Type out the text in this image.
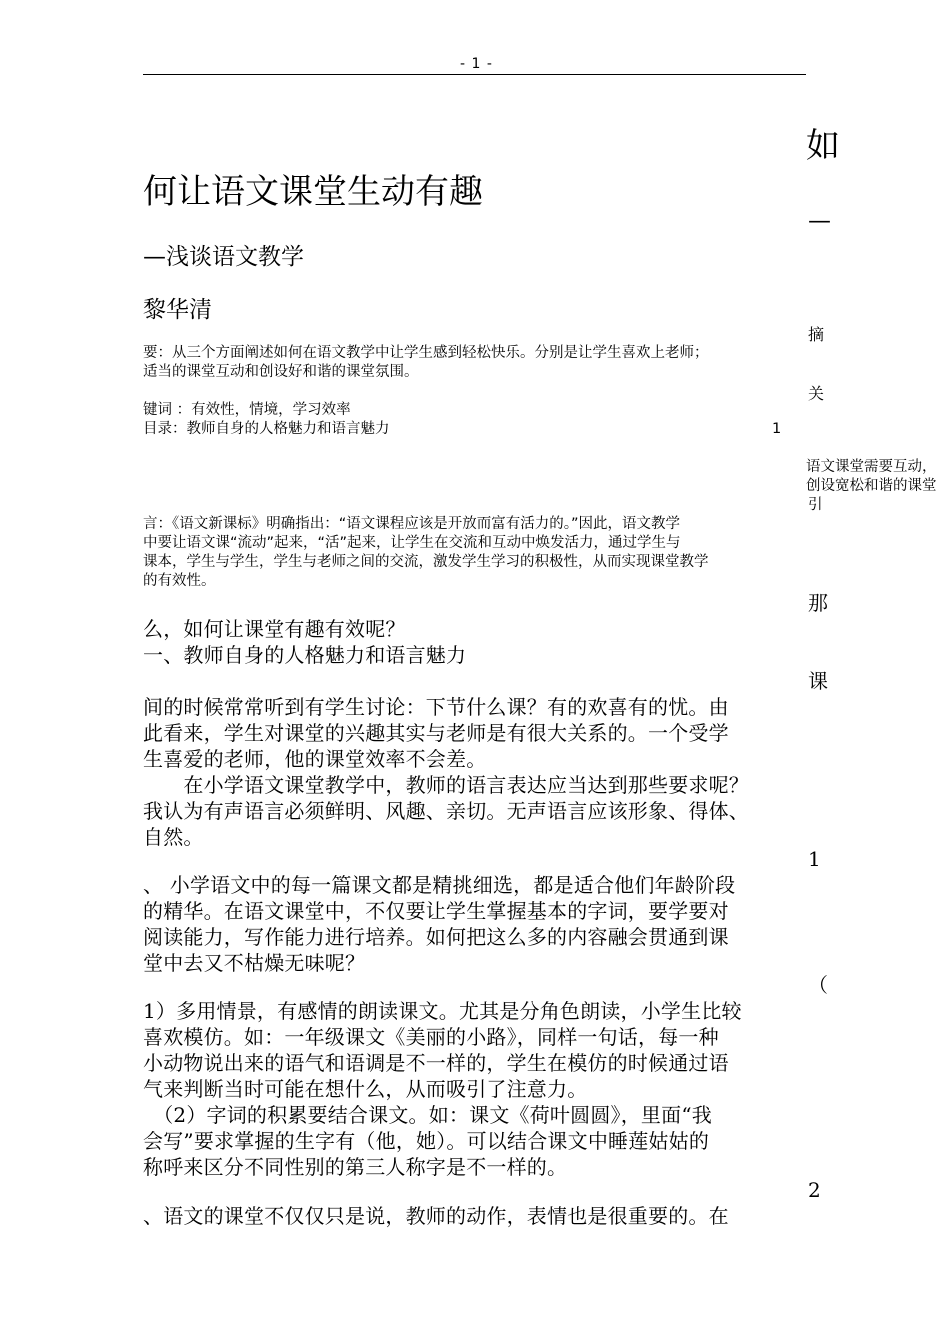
- 1 -
如
何让语文课堂生动有趣
—
—浅谈语文教学
黎华清
摘
要：从三个方面阐述如何在语文教学中让学生感到轻松快乐。分别是让学生喜欢上老师；
适当的课堂互动和创设好和谐的课堂氛围。
关
键词 ：有效性，情境，学习效率
目录：教师自身的人格魅力和语言魅力	1
语文课堂需要互动，
创设宽松和谐的课堂
引
言：《语文新课标》明确指出：“语文课程应该是开放而富有活力的。”因此，语文教学
中要让语文课“流动”起来，“活”起来，让学生在交流和互动中焕发活力，通过学生与
课本，学生与学生，学生与老师之间的交流，激发学生学习的积极性，从而实现课堂教学
的有效性。
那
么，如何让课堂有趣有效呢？
一、教师自身的人格魅力和语言魅力
课
间的时候常常听到有学生讨论：下节什么课？有的欢喜有的忧。由
此看来，学生对课堂的兴趣其实与老师是有很大关系的。一个受学
生喜爱的老师，他的课堂效率不会差。
　　在小学语文课堂教学中，教师的语言表达应当达到那些要求呢？
我认为有声语言必须鲜明、风趣、亲切。无声语言应该形象、得体、
自然。
1
、 小学语文中的每一篇课文都是精挑细选，都是适合他们年龄阶段
的精华。在语文课堂中，不仅要让学生掌握基本的字词，要学要对
阅读能力，写作能力进行培养。如何把这么多的内容融会贯通到课
堂中去又不枯燥无味呢？
（
1）多用情景，有感情的朗读课文。尤其是分角色朗读，小学生比较
喜欢模仿。如：一年级课文《美丽的小路》，同样一句话，每一种
小动物说出来的语气和语调是不一样的，学生在模仿的时候通过语
气来判断当时可能在想什么，从而吸引了注意力。
　（2）字词的积累要结合课文。如：课文《荷叶圆圆》，里面“我
会写”要求掌握的生字有（他，她）。可以结合课文中睡莲姑姑的
称呼来区分不同性别的第三人称字是不一样的。
2
、语文的课堂不仅仅只是说，教师的动作，表情也是很重要的。在
